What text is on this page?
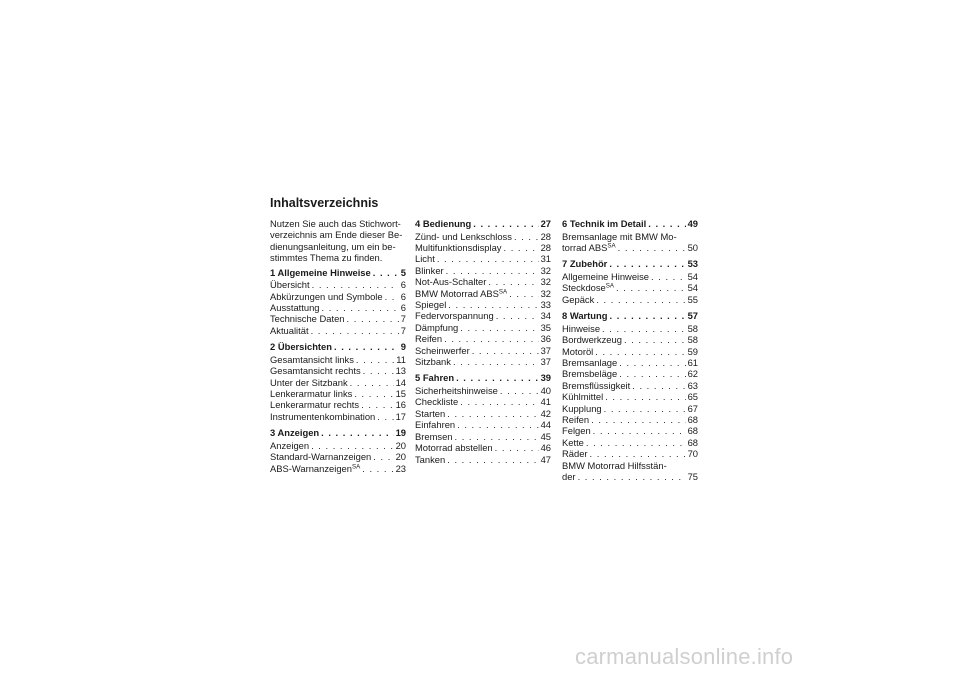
Inhaltsverzeichnis
Nutzen Sie auch das Stichwort-
verzeichnis am Ende dieser Be-
dienungsanleitung, um ein be-
stimmtes Thema zu finden.
1 Allgemeine Hinweise . . .	5
Übersicht . . .	6
Abkürzungen und Symbole . . . 6
Ausstattung . . .	6
Technische Daten . . .	7
Aktualität . . .	7
2 Übersichten . . .	9
Gesamtansicht links . . .	11
Gesamtansicht rechts . . .	13
Unter der Sitzbank . . .	14
Lenkerarmatur links . . .	15
Lenkerarmatur rechts . . .	16
Instrumentenkombination . . . 17
3 Anzeigen . . .	19
Anzeigen . . .	20
Standard-Warnanzeigen . . .	20
ABS-Warnanzeigen$^{SA}$ . . .	23
4 Bedienung . . .	27
Zünd- und Lenkschloss . . .	28
Multifunktionsdisplay . . .	28
Licht . . .	31
Blinker . . .	32
Not-Aus-Schalter . . .	32
BMW Motorrad $ABS^{SA}$ . . .	32
Spiegel . . .	33
Federvorspannung . . .	34
Dämpfung . . .	35
Reifen . . .	36
Scheinwerfer . . .	37
Sitzbank . . .	37
5 Fahren . . .	39
Sicherheitshinweise . . .	40
Checkliste . . .	41
Starten . . .	42
Einfahren . . .	44
Bremsen . . .	45
Motorrad abstellen . . .	46
Tanken . . .	47
6 Technik im Detail . . .	49
Bremsanlage mit BMW Mo-
torrad $ABS^{SA}$ . . .	50
7 Zubehör . . .	53
Allgemeine Hinweise . . .	54
Steckdose$^{SA}$ . . .	54
Gepäck . . .	55
8 Wartung . . .	57
Hinweise . . .	58
Bordwerkzeug . . .	58
Motoröl . . .	59
Bremsanlage . . .	61
Bremsbeläge . . .	62
Bremsflüssigkeit . . .	63
Kühlmittel . . .	65
Kupplung . . .	67
Reifen . . .	68
Felgen . . .	68
Kette . . .	68
Räder . . .	70
BMW Motorrad Hilfsstän-
der . . .	75
carmanualsonline.info
